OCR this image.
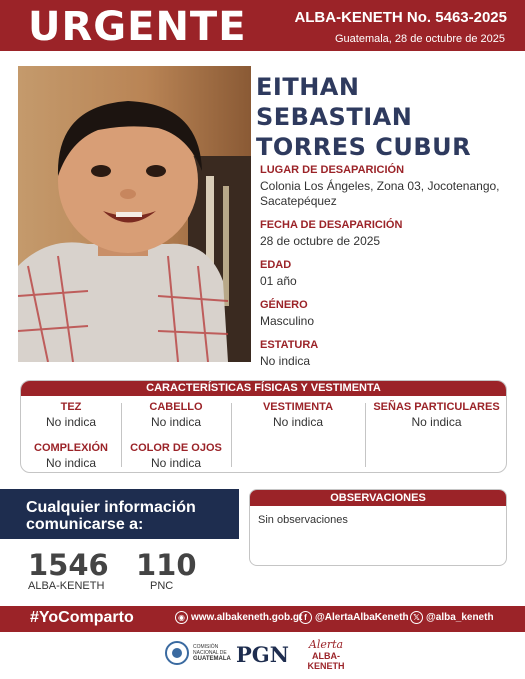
URGENTE	ALBA-KENETH No. 5463-2025
Guatemala, 28 de octubre de 2025
EITHAN SEBASTIAN
TORRES CUBUR
LUGAR DE DESAPARICIÓN
Colonia Los Ángeles, Zona 03, Jocotenango, Sacatepéquez
FECHA DE DESAPARICIÓN
28 de octubre de 2025
EDAD
01 año
GÉNERO
Masculino
ESTATURA
No indica
CARACTERÍSTICAS FÍSICAS Y VESTIMENTA
TEZ
No indica
CABELLO
No indica
VESTIMENTA
No indica
SEÑAS PARTICULARES
No indica
COMPLEXIÓN
No indica
COLOR DE OJOS
No indica
Cualquier información
comunicarse a:
1546
ALBA-KENETH
110
PNC
OBSERVACIONES
Sin observaciones
#YoComparto	◉ www.albakeneth.gob.gt f @AlertaAlbaKeneth 𝕏 @alba_keneth
COMISIÓN NACIONAL DE
GUATEMALA PGN	Alerta
ALBA-KENETH
